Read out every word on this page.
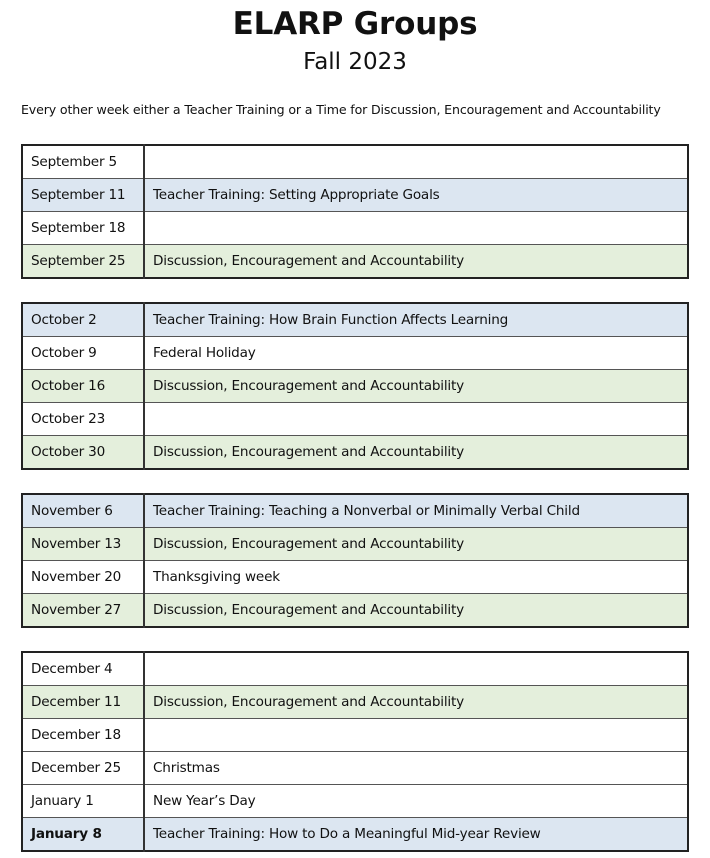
ELARP Groups
Fall 2023
Every other week either a Teacher Training or a Time for Discussion, Encouragement and Accountability
September 5	
September 11	Teacher Training: Setting Appropriate Goals
September 18	
September 25	Discussion, Encouragement and Accountability
October 2	Teacher Training: How Brain Function Affects Learning
October 9	Federal Holiday
October 16	Discussion, Encouragement and Accountability
October 23	
October 30	Discussion, Encouragement and Accountability
November 6	Teacher Training: Teaching a Nonverbal or Minimally Verbal Child
November 13	Discussion, Encouragement and Accountability
November 20	Thanksgiving week
November 27	Discussion, Encouragement and Accountability
December 4	
December 11	Discussion, Encouragement and Accountability
December 18	
December 25	Christmas
January 1	New Year’s Day
January 8	Teacher Training: How to Do a Meaningful Mid-year Review
